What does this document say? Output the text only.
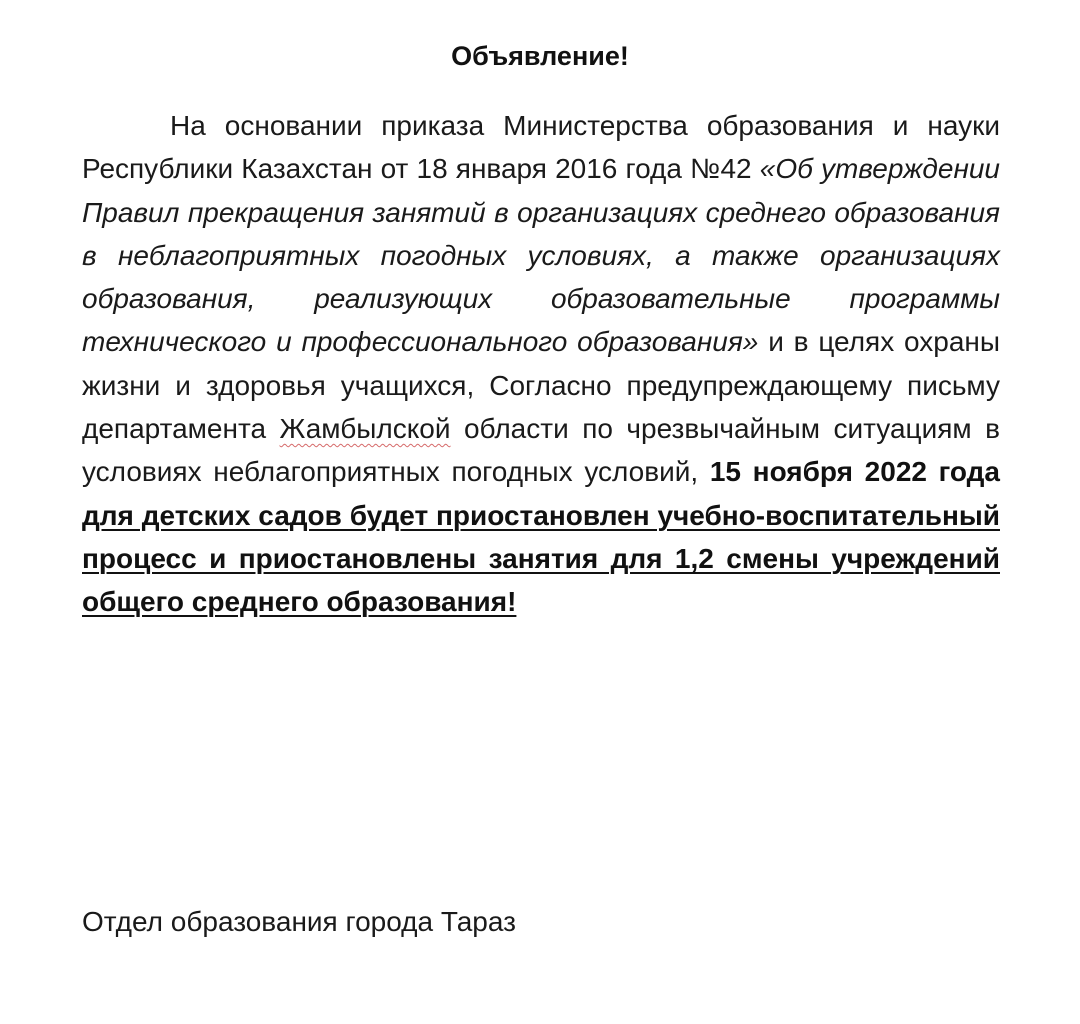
Объявление!
На основании приказа Министерства образования и науки Республики Казахстан от 18 января 2016 года №42 «Об утверждении Правил прекращения занятий в организациях среднего образования в неблагоприятных погодных условиях, а также организациях образования, реализующих образовательные программы технического и профессионального образования» и в целях охраны жизни и здоровья учащихся, Согласно предупреждающему письму департамента Жамбылской области по чрезвычайным ситуациям в условиях неблагоприятных погодных условий, 15 ноября 2022 года для детских садов будет приостановлен учебно-воспитательный процесс и приостановлены занятия для 1,2 смены учреждений общего среднего образования!
Отдел образования города Тараз
